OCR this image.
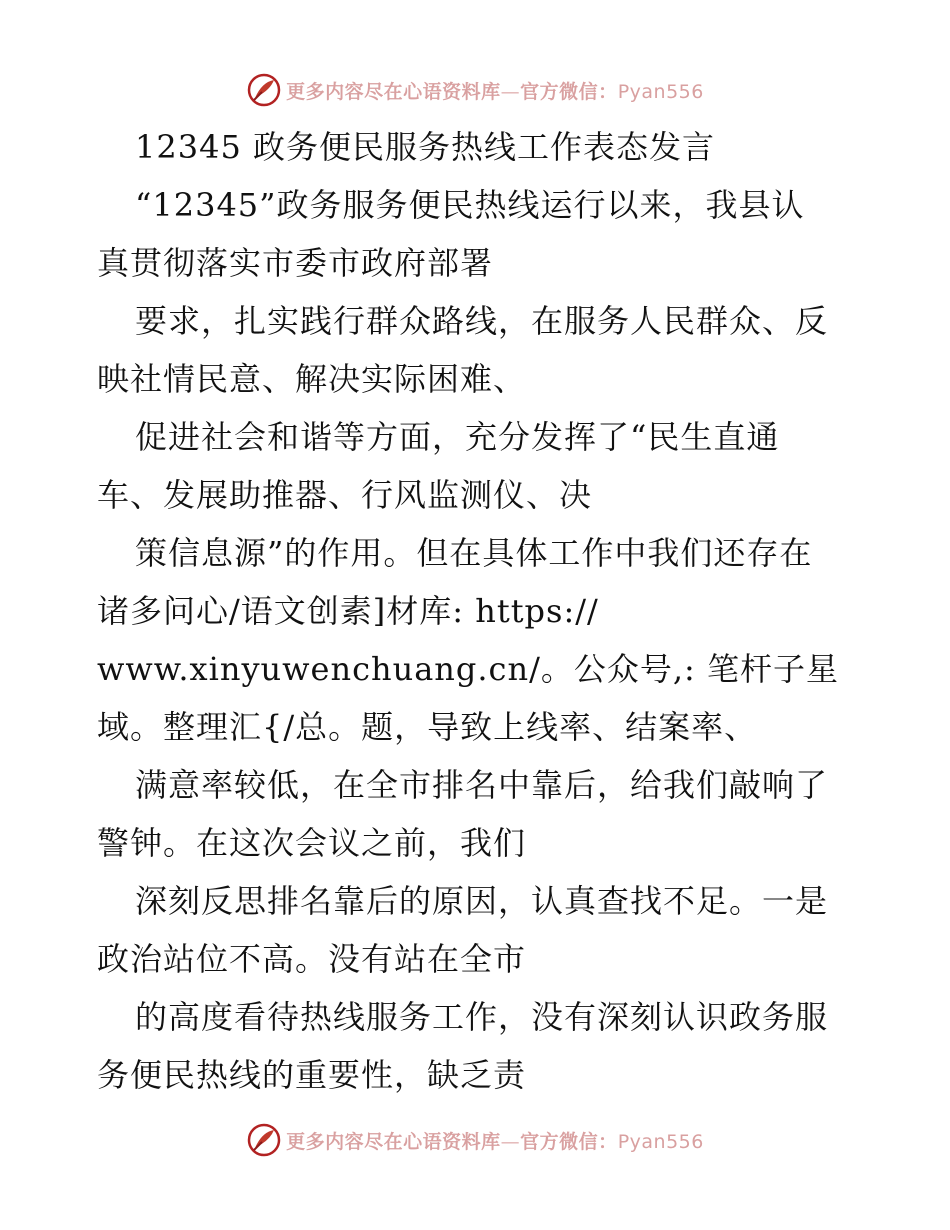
更多内容尽在心语资料库—官方微信：Pyan556
12345 政务便民服务热线工作表态发言
“12345”政务服务便民热线运行以来，我县认
真贯彻落实市委市政府部署
要求，扎实践行群众路线，在服务人民群众、反
映社情民意、解决实际困难、
促进社会和谐等方面，充分发挥了“民生直通
车、发展助推器、行风监测仪、决
策信息源”的作用。但在具体工作中我们还存在
诸多问心/语文创素]材库: https://
www.xinyuwenchuang.cn/。公众号,: 笔杆子星
域。整理汇{/总。题，导致上线率、结案率、
满意率较低，在全市排名中靠后，给我们敲响了
警钟。在这次会议之前，我们
深刻反思排名靠后的原因，认真查找不足。一是
政治站位不高。没有站在全市
的高度看待热线服务工作，没有深刻认识政务服
务便民热线的重要性，缺乏责
更多内容尽在心语资料库—官方微信：Pyan556
